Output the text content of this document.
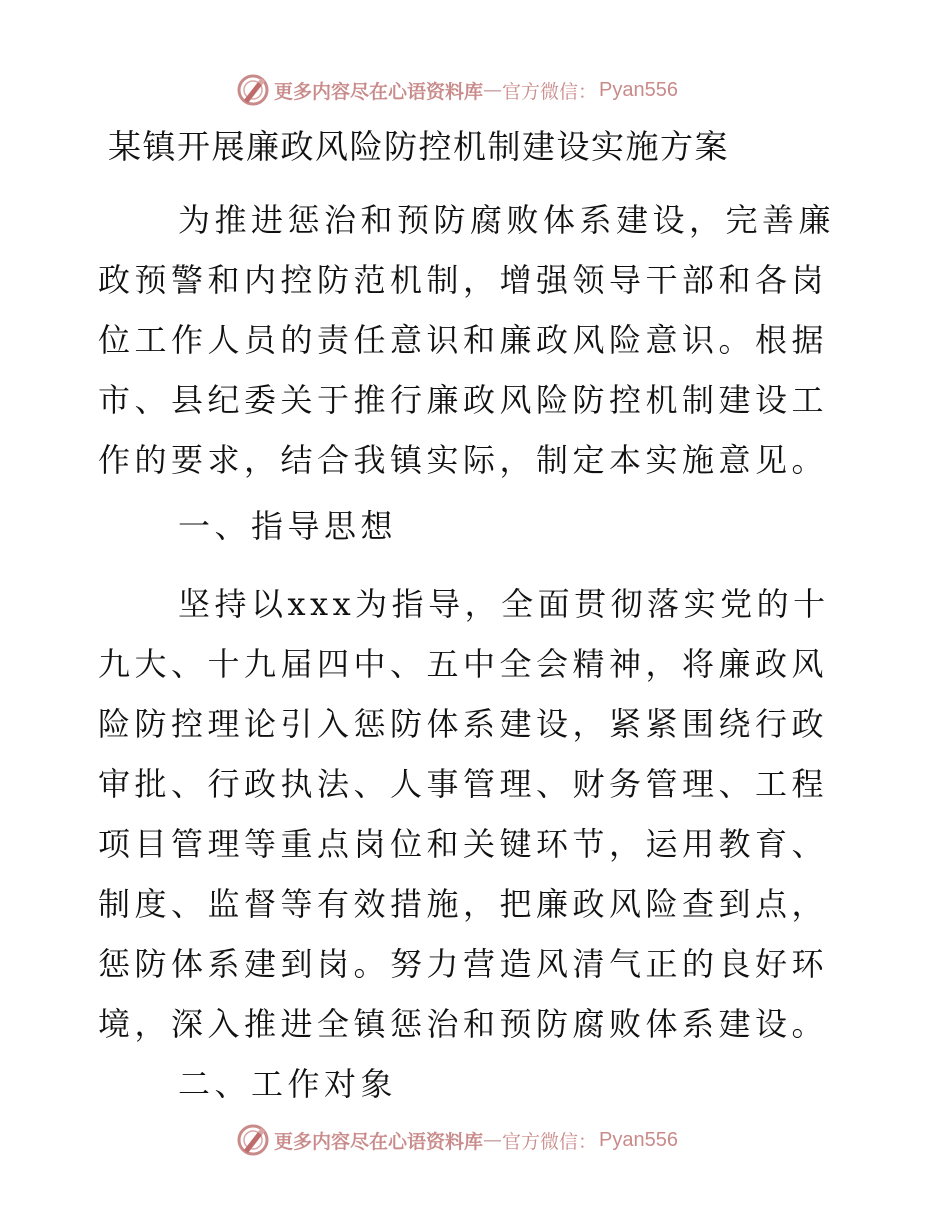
更多内容尽在心语资料库 — 官方微信： Pyan556
某镇开展廉政风险防控机制建设实施方案

为推进惩治和预防腐败体系建设，完善廉政预警和内控防范机制，增强领导干部和各岗位工作人员的责任意识和廉政风险意识。根据市、县纪委关于推行廉政风险防控机制建设工作的要求，结合我镇实际，制定本实施意见。

一、指导思想

坚持以xxx为指导，全面贯彻落实党的十九大、十九届四中、五中全会精神，将廉政风险防控理论引入惩防体系建设，紧紧围绕行政审批、行政执法、人事管理、财务管理、工程项目管理等重点岗位和关键环节，运用教育、制度、监督等有效措施，把廉政风险查到点，惩防体系建到岗。努力营造风清气正的良好环境，深入推进全镇惩治和预防腐败体系建设。

二、工作对象

更多内容尽在心语资料库 — 官方微信： Pyan556
